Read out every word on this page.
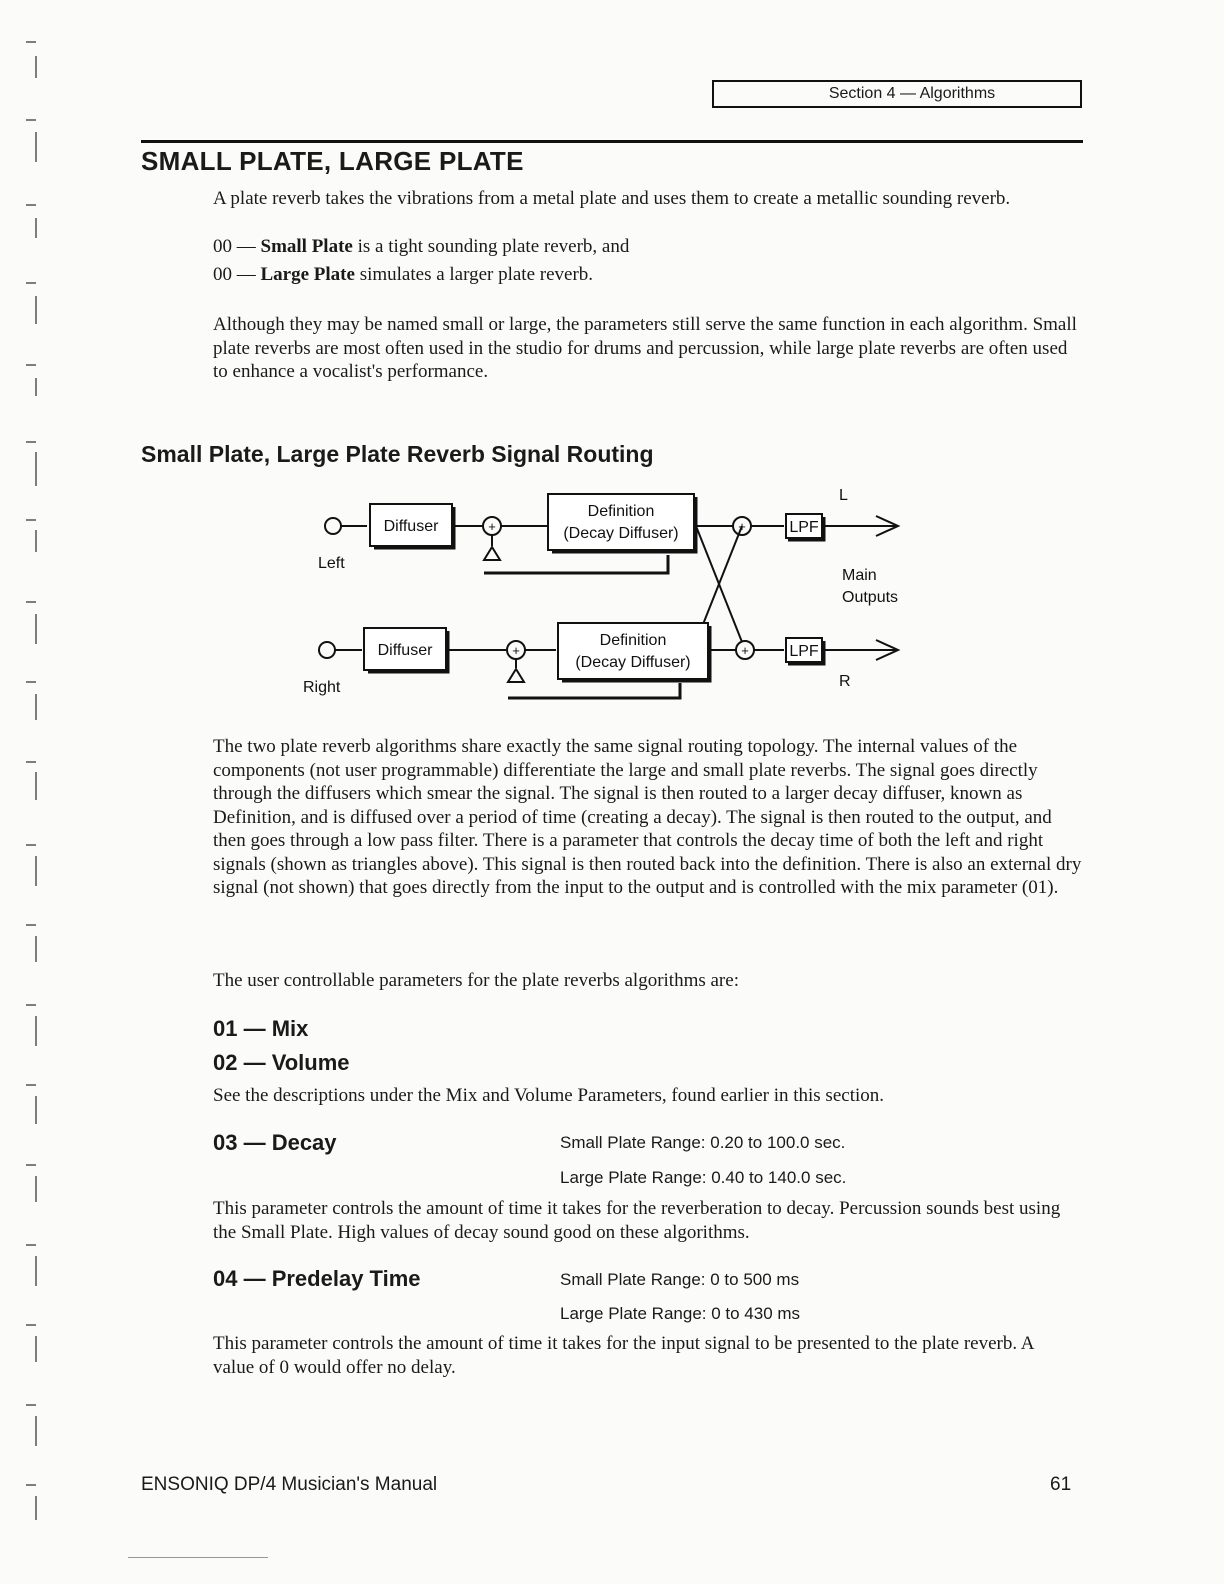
Section 4 — Algorithms
SMALL PLATE, LARGE PLATE
A plate reverb takes the vibrations from a metal plate and uses them to create a metallic sounding reverb.
00 — Small Plate is a tight sounding plate reverb, and
00 — Large Plate simulates a larger plate reverb.
Although they may be named small or large, the parameters still serve the same function in each algorithm. Small plate reverbs are most often used in the studio for drums and percussion, while large plate reverbs are often used to enhance a vocalist's performance.
Small Plate, Large Plate Reverb Signal Routing
Left
Right
Diffuser
Diffuser
Definition
(Decay Diffuser)
Definition
(Decay Diffuser)
LPF
LPF
+
+
+
+
L
R
Main
Outputs
The two plate reverb algorithms share exactly the same signal routing topology. The internal values of the components (not user programmable) differentiate the large and small plate reverbs. The signal goes directly through the diffusers which smear the signal. The signal is then routed to a larger decay diffuser, known as Definition, and is diffused over a period of time (creating a decay). The signal is then routed to the output, and then goes through a low pass filter. There is a parameter that controls the decay time of both the left and right signals (shown as triangles above). This signal is then routed back into the definition. There is also an external dry signal (not shown) that goes directly from the input to the output and is controlled with the mix parameter (01).
The user controllable parameters for the plate reverbs algorithms are:
01 — Mix
02 — Volume
See the descriptions under the Mix and Volume Parameters, found earlier in this section.
03 — Decay	Small Plate Range: 0.20 to 100.0 sec.
Large Plate Range: 0.40 to 140.0 sec.
This parameter controls the amount of time it takes for the reverberation to decay. Percussion sounds best using the Small Plate. High values of decay sound good on these algorithms.
04 — Predelay Time	Small Plate Range: 0 to 500 ms
Large Plate Range: 0 to 430 ms
This parameter controls the amount of time it takes for the input signal to be presented to the plate reverb. A value of 0 would offer no delay.
ENSONIQ DP/4 Musician's Manual	61
